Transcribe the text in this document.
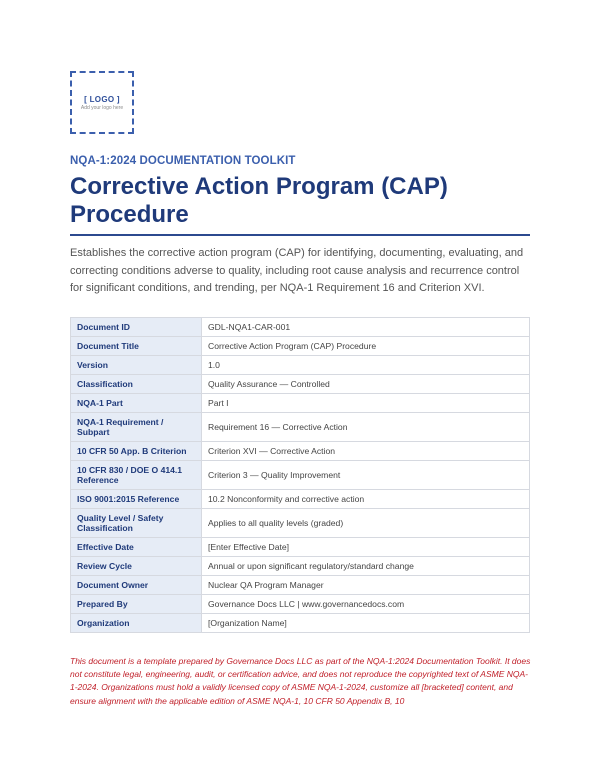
[ LOGO ]
Add your logo here
NQA-1:2024 DOCUMENTATION TOOLKIT
Corrective Action Program (CAP) Procedure

Establishes the corrective action program (CAP) for identifying, documenting, evaluating, and correcting conditions adverse to quality, including root cause analysis and recurrence control for significant conditions, and trending, per NQA-1 Requirement 16 and Criterion XVI.

Document ID	GDL-NQA1-CAR-001
Document Title	Corrective Action Program (CAP) Procedure
Version	1.0
Classification	Quality Assurance — Controlled
NQA-1 Part	Part I
NQA-1 Requirement / Subpart	Requirement 16 — Corrective Action
10 CFR 50 App. B Criterion	Criterion XVI — Corrective Action
10 CFR 830 / DOE O 414.1 Reference	Criterion 3 — Quality Improvement
ISO 9001:2015 Reference	10.2 Nonconformity and corrective action
Quality Level / Safety Classification	Applies to all quality levels (graded)
Effective Date	[Enter Effective Date]
Review Cycle	Annual or upon significant regulatory/standard change
Document Owner	Nuclear QA Program Manager
Prepared By	Governance Docs LLC | www.governancedocs.com
Organization	[Organization Name]

This document is a template prepared by Governance Docs LLC as part of the NQA-1:2024 Documentation Toolkit. It does not constitute legal, engineering, audit, or certification advice, and does not reproduce the copyrighted text of ASME NQA-1-2024. Organizations must hold a validly licensed copy of ASME NQA-1-2024, customize all [bracketed] content, and ensure alignment with the applicable edition of ASME NQA-1, 10 CFR 50 Appendix B, 10
